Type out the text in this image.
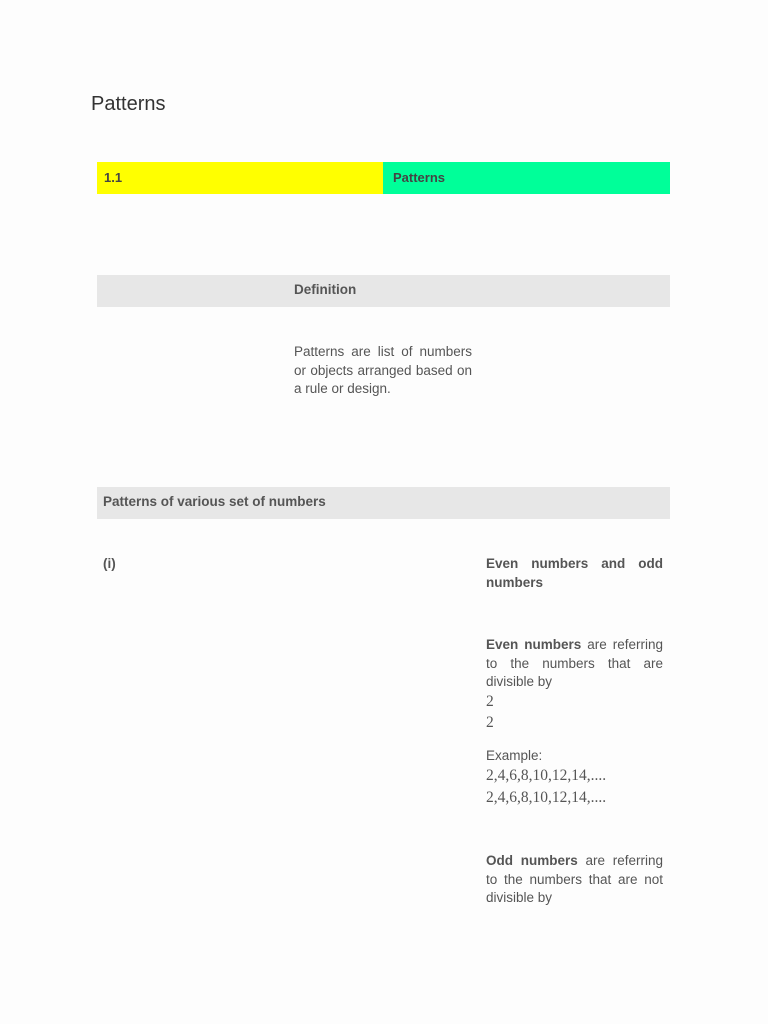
Patterns
1.1	Patterns
Definition
Patterns are list of numbers or objects arranged based on a rule or design.
Patterns of various set of numbers
(i)	Even numbers and odd numbers
Even numbers are referring to the numbers that are divisible by
2
2
Example:
2,4,6,8,10,12,14,....
2,4,6,8,10,12,14,....
Odd numbers are referring to the numbers that are not divisible by
